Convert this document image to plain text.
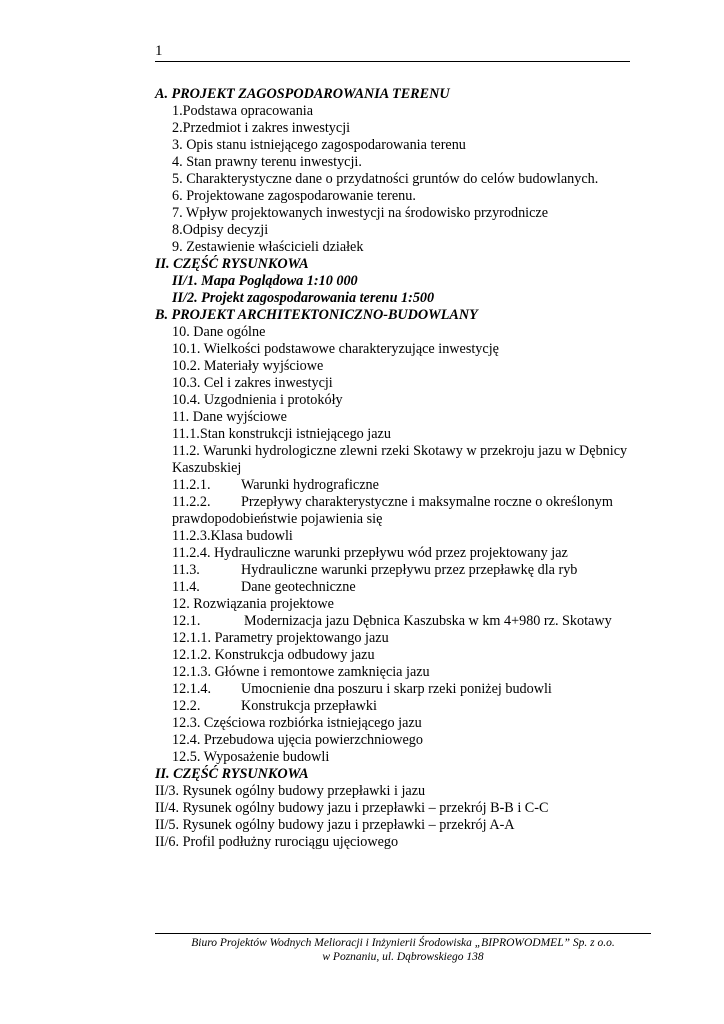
1
A. PROJEKT ZAGOSPODAROWANIA TERENU
1.Podstawa opracowania
2.Przedmiot i zakres inwestycji
3. Opis stanu istniejącego zagospodarowania terenu
4. Stan prawny terenu inwestycji.
5. Charakterystyczne dane o przydatności gruntów do celów budowlanych.
6. Projektowane zagospodarowanie terenu.
7. Wpływ projektowanych inwestycji na środowisko przyrodnicze
8.Odpisy decyzji
9. Zestawienie właścicieli działek
II. CZĘŚĆ RYSUNKOWA
II/1. Mapa Poglądowa 1:10 000
II/2. Projekt zagospodarowania terenu 1:500
B. PROJEKT ARCHITEKTONICZNO-BUDOWLANY
10. Dane ogólne
10.1. Wielkości podstawowe charakteryzujące inwestycję
10.2. Materiały wyjściowe
10.3. Cel i zakres inwestycji
10.4. Uzgodnienia i protokóły
11. Dane wyjściowe
11.1.Stan konstrukcji istniejącego jazu
11.2. Warunki hydrologiczne zlewni rzeki Skotawy w przekroju jazu w Dębnicy Kaszubskiej
11.2.1. Warunki hydrograficzne
11.2.2. Przepływy charakterystyczne i maksymalne roczne o określonym prawdopodobieństwie pojawienia się
11.2.3.Klasa budowli
11.2.4. Hydrauliczne warunki przepływu wód przez projektowany jaz
11.3.	Hydrauliczne warunki przepływu przez przepławkę dla ryb
11.4.	Dane geotechniczne
12. Rozwiązania projektowe
12.1.	Modernizacja jazu Dębnica Kaszubska w km 4+980 rz. Skotawy
12.1.1. Parametry projektowango jazu
12.1.2. Konstrukcja odbudowy jazu
12.1.3. Główne i remontowe zamknięcia jazu
12.1.4. Umocnienie dna poszuru i skarp rzeki poniżej budowli
12.2.	Konstrukcja przepławki
12.3. Częściowa rozbiórka istniejącego jazu
12.4. Przebudowa ujęcia powierzchniowego
12.5. Wyposażenie budowli
II. CZĘŚĆ RYSUNKOWA
II/3. Rysunek ogólny budowy przepławki i jazu
II/4. Rysunek ogólny budowy jazu i przepławki – przekrój B-B i C-C
II/5. Rysunek ogólny budowy jazu i przepławki – przekrój A-A
II/6. Profil podłużny rurociągu ujęciowego
Biuro Projektów Wodnych Melioracji i Inżynierii Środowiska „BIPROWODMEL” Sp. z o.o.
w Poznaniu, ul. Dąbrowskiego 138
